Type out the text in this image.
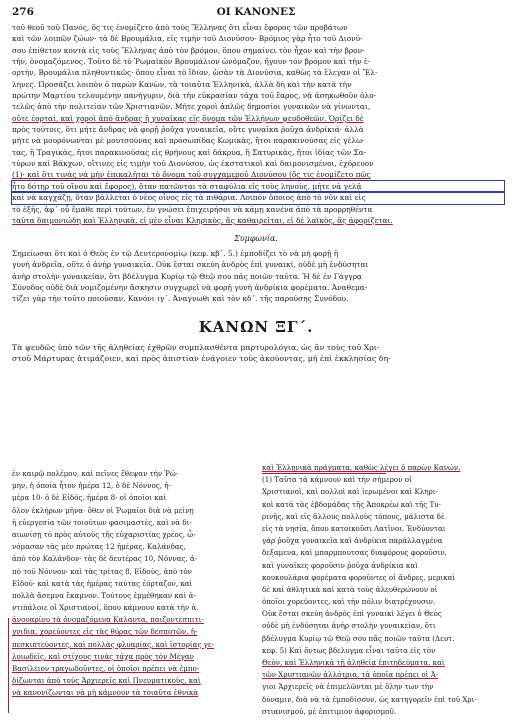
276	ΟΙ ΚΑΝΟΝΕΣ
τοῦ θεοῦ τοῦ Πανός, ὅς τις ἐνομίζετο ἀπὸ τοὺς Ἕλληνας ὅτι εἶναι ἔφορος τῶν προβάτων
καὶ τῶν λοιπῶν ζώων· τὰ δὲ Βρουμάλια, εἰς τιμὴν τοῦ Διονύσου· Βρόμιος γὰρ ἦτο τοῦ Διονύ-
σου ἐπίθετον κοντὰ εἰς τοὺς Ἕλληνας ἀπὸ τὸν βρόμον, ὅπου σημαίνει τὸν ἦχον καὶ τὴν βρον-
τὴν, ὀνομαζόμενος. Τοῦτο δὲ τὸ Ῥωμαϊκὸν Βρουμάλιον ὠνόμαζον, ἤγουν τὸν βρόμον καὶ τὴν ἑ-
ορτὴν, Βρουμάλια πληθυντικῶς· ὅπου εἶναι τὸ ἴδιον, ὡσὰν τὰ Διονύσια, καθὼς τὰ ἔλεγαν οἱ Ἕλ-
ληνες. Προσάζει λοιπὸν ὁ παρὼν Κανὼν, τὰ τοιαῦτα Ἑλληνικὰ, ἀλλὰ δὴ καὶ τὴν κατὰ τὴν
πρώτην Μαρτίου τελουμένην πανήγυριν, διὰ τὴν εὐκρασίαν τάχα τοῦ ἔαρος, νὰ ἀσηκωθοῦν ὁλο-
τελῶς ἀπὸ τὴν πολιτείαν τῶν Χριστιανῶν. Μήτε χοροὶ ἁπλῶς δημοσίοι γυναικῶν νὰ γίνωνται,
οὔτε ἑορταί, καὶ χοροὶ ἀπὸ ἄνδρας ἢ γυναῖκας εἰς ὄνομα τῶν Ἑλλήνων ψευδοθεῶν. Ὁρίζει δὲ
πρὸς τούτοις, ὅτι μήτε ἄνδρας νὰ φορῇ ῥοῦχα γυναικεῖα, οὔτε γυναῖκα ῥοῦχα ἀνδρίκιά· ἀλλὰ
μήτε νὰ μουρόνωνται μὲ μουτσούνας καὶ πρόσωπίδας Κωμικὰς, ἤτοι παρακινούσας εἰς γέλω-
τας, ἢ Τραγικὰς, ἤτοι παρακινούσας εἰς θρήνους καὶ δάκρυα, ἢ Σατυρικὰς, ἤτοι ἰδίας τῶν Σα-
τύρων καὶ Βάκχων, οἵτινες εἰς τιμὴν τοῦ Διονύσου, ὡς ἐκστατικοὶ καὶ δαιμονισμένοι, ἐχόρευον
(1)· καὶ ὅτι τινὰς νὰ μὴν ἐπικαλῆται τὸ ὄνομα τοῦ συγχαμεροῦ Διονύσου (ὅς τις ἐνομίζετο πῶς
ἦτο δότηρ τοῦ οἴνου καὶ ἔφορος), ὅταν πατῶνται τὰ σταφύλια εἰς τοὺς ληνοὺς, μήτε νὰ γελᾷ
καὶ νὰ καγχάζῃ, ὅταν βάλλεται ὁ νέος οἶνος εἰς τὰ πιθάρια. Λοιπὸν ὅποιος ἀπὸ τὸ νῦν καὶ εἰς
τὸ ἑξῆς, ἀφ᾽ οὗ ἔμαθε περὶ τούτων, ἐν γνώσει ἐπιχειρήσοι νὰ κάμῃ κανένα ἀπὸ τὰ προρρηθέντα
ταῦτα δαιμονιώδη καὶ Ἑλληνικὰ, εἰ μὲν εἶναι Κληρικὸς, ἂς καθαιρεῖται, εἰ δὲ λαϊκὸς, ἂς ἀφορίζεται.
Συμφωνία.
Σημείωσαι ὅτι καὶ ὁ Θεὸς ἐν τῷ Δευτερονομίῳ (κεφ. κβ΄. 5.) ἐμποδίζει τὸ νὰ μὴ φορῇ ἡ
γυνὴ ἀνδρεῖα, οὔτε ὁ ἀνὴρ γυναικεῖα. Οὐκ ἔσται σκεύη ἀνδρὸς ἐπὶ γυναικί, οὐδὲ μὴ ἐνδύσηται
ἀνὴρ στολὴν γυναικείαν, ὅτι βδέλυγμα Κυρίῳ τῷ Θεῷ σου πᾶς ποιῶν ταῦτα. Ἡ δὲ ἐν Γάγγρᾳ
Σύνοδος οὐδὲ διὰ νομιζομένην ἄσκησιν συγχωρεῖ νὰ φορῇ γυνὴ ἀνδρίκια φορέματα. Ἀναθεμα-
τίζει γὰρ τὴν τοῦτο ποιοῦσαν, Κανόνι ιγ΄. Ἀναγνωθι καὶ τὸν κδ΄. τῆς παρούσης Συνόδου.
ΚΑΝΩΝ ΞΓ΄.
Τὰ ψευδῶς ὑπὸ τῶν τῆς ἀληθείας ἐχθρῶν συμπλασθέντα μαρτυρολόγια, ὡς ἂν τοὺς τοῦ Χρι-
στοῦ Μάρτυρας ἀτιμάζοιεν, καὶ πρὸς ἀπιστίαν ἐνάγοιεν τοὺς ἀκούοντας, μὴ ἐπὶ ἐκκλησίας δη-
ἐν καιρῷ πολέμου, καὶ πεῖνες ἔθεψαν τὴν Ῥώ-
μην, ἡ ὁποία ἦτον ἡμέρα 12, ὁ δὲ Νόννος, ἡ-
μέρα 10· ὁ δὲ Εἰδός, ἡμέρα 8· οἱ ὁποῖοι καὶ
ὅλον ἐκλήρων μῆνα· ὅθεν οἱ Ῥωμαῖοι διὰ νὰ μείνῃ
ἡ εὐεργεσία τῶν τοιούτων φασιμαστές, καὶ νὰ δι-
αιωνίσῃ τὸ πρὸς αὐτοὺς τῆς εὐχαριστίας χρέος, ὦ-
νόμασαν τὰς μὲν πρώτας 12 ἡμέρας, Καλάνδας,
ἀπὸ τὸν Καλάνδον· τὰς δὲ δευτέρας 10, Νόννας, ἀ-
πὸ τοῦ Νόννου· καὶ τὰς τρίτας 8, Εἰδοὺς, ἀπὸ τὸν
Εἰδού· καὶ κατὰ τὰς ἡμέρας ταύτας ἑόρταζον, καὶ
πολλὰ ἄσεμνα ἔκαμνον. Τούτους ἐμμέθηκαν καὶ ἀ-
ντιπάλοιε οἱ Χριστιανοί, ὅπου κάμνουν κατὰ τὴν ἀ.
ἀνουαρίου τὰ ὀνομαζόμενα Καλαντα, παιζοντεσπιτι-
γνιδια, χορεύοντες εἰς τὰς θύρας τῶν δεσποτῶν, ἠ-
πεσκιπτεύοντες, καὶ πολλὰς φλυαρίας, καὶ ἱστορίας γε-
λοιωδεῖς, καὶ στίχους τινὰς τάχα πρὸς τὸν Μέγαν
Βασίλειον τραγωδοῦντες, οἱ ὁποῖοι πρέπει νὰ ἐμπο-
δίζωνται ἀπὸ τοὺς Ἀρχιερεῖς καὶ Πνευματικοὺς, καὶ
νὰ κανονίζωνται νὰ μὴ κάμνουν τὰ τοιαῦτα ἐθνικὰ
καὶ Ἑλληνικὰ πράγματα, καθὼς λέγει ὁ παρὼν Κανών.
(1) Ταῦτα τὰ κάμνουν καὶ τὴν σήμερον οἱ
Χριστιανοὶ, καὶ πολλοὶ καὶ ἱερωμένοι καὶ Κληρι-
κοὶ κατὰ τὰς ἑβδομάδας τῆς Ἀποκρέω καὶ τῆς Τυ-
ρινῆς, καὶ εἰς ἄλλους πολλοὺς τόπους, μάλιστα δὲ
εἰς τὰ νησία, ὅπου κατοικοῦσι Λατῖνοι. Ἐνδύονται
γὰρ ῥοῦχα γυναικεῖα καὶ ἀνδρίκια παράλλαγμένα
δεξαμενα, καὶ μπαρμπουτσας διαφόρους φοροῦσιν,
καὶ γυναῖκες φοροῦσιν ῥοῦχα ἀνδρίκια καὶ
κουκουλάρια φορέματα φοροῦντες οἱ ἄνδρες, μερικαὶ
δὲ καὶ ἀθλητικὰ καὶ κατὰ τοὺς ἀλευθερώνουν οἱ
ὁποῖοι χορεύοντες, καὶ τὴν πόλιν διατρέχουσιν.
Οὐκ ἔσται σκεύη ἀνδρὸς ἐπὶ γυναικὶ λέγει ὁ Θεὸς
οὐδὲ μὴ ἐνδύσηται ἀνὴρ στολὴν γυναικείαν, ὅτι
βδέλυγμα Κυρίῳ τῷ Θεῷ σου πᾶς ποιῶν ταῦτα (Δευτ.
κεφ. 5) Καὶ ὄντως βδελυγμα εἶναι ταῦτα εἰς τὸν
Θεὸν, καὶ Ἑλληνικὰ τῇ ἀληθείᾳ ἐπιτηδεύματα, καὶ
τῶν Χριστιανῶν ἀλλότρια, τὰ ὁποῖα πρέπει οἱ Ἀ-
γιοι Ἀρχιερεῖς νὰ ἐπιμελῶνται μὲ ὅλην των τὴν
δύναμιν, διὰ νὰ τὰ ἐμποδίσουν, ὡς κατηγορεῖν ἐπὶ τοῦ Χρι-
στιανισμοῦ, μὲ ἐπιτιμιον ἀφορισμοῦ.
